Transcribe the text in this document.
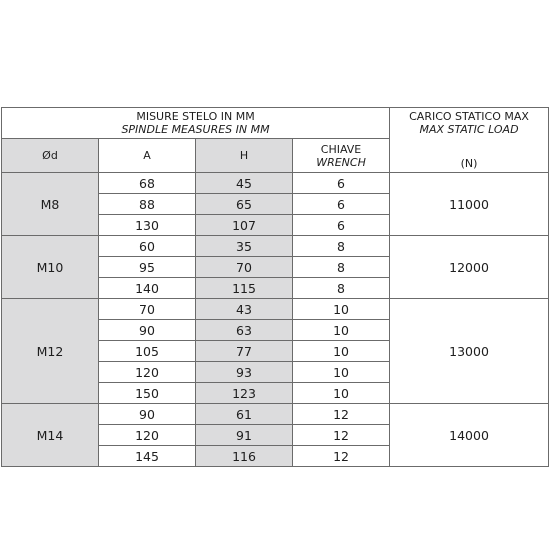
MISURE STELO IN MM
SPINDLE MEASURES IN MM				CARICO STATICO MAX
MAX STATIC LOAD
(N)

Ød	A	H	CHIAVE
WRENCH	

M8	68	45	6	11000
	88	65	6	
	130	107	6	
M10	60	35	8	12000
	95	70	8	
	140	115	8	
M12	70	43	10	13000
	90	63	10	
	105	77	10	
	120	93	10	
	150	123	10	
M14	90	61	12	14000
	120	91	12	
	145	116	12	
